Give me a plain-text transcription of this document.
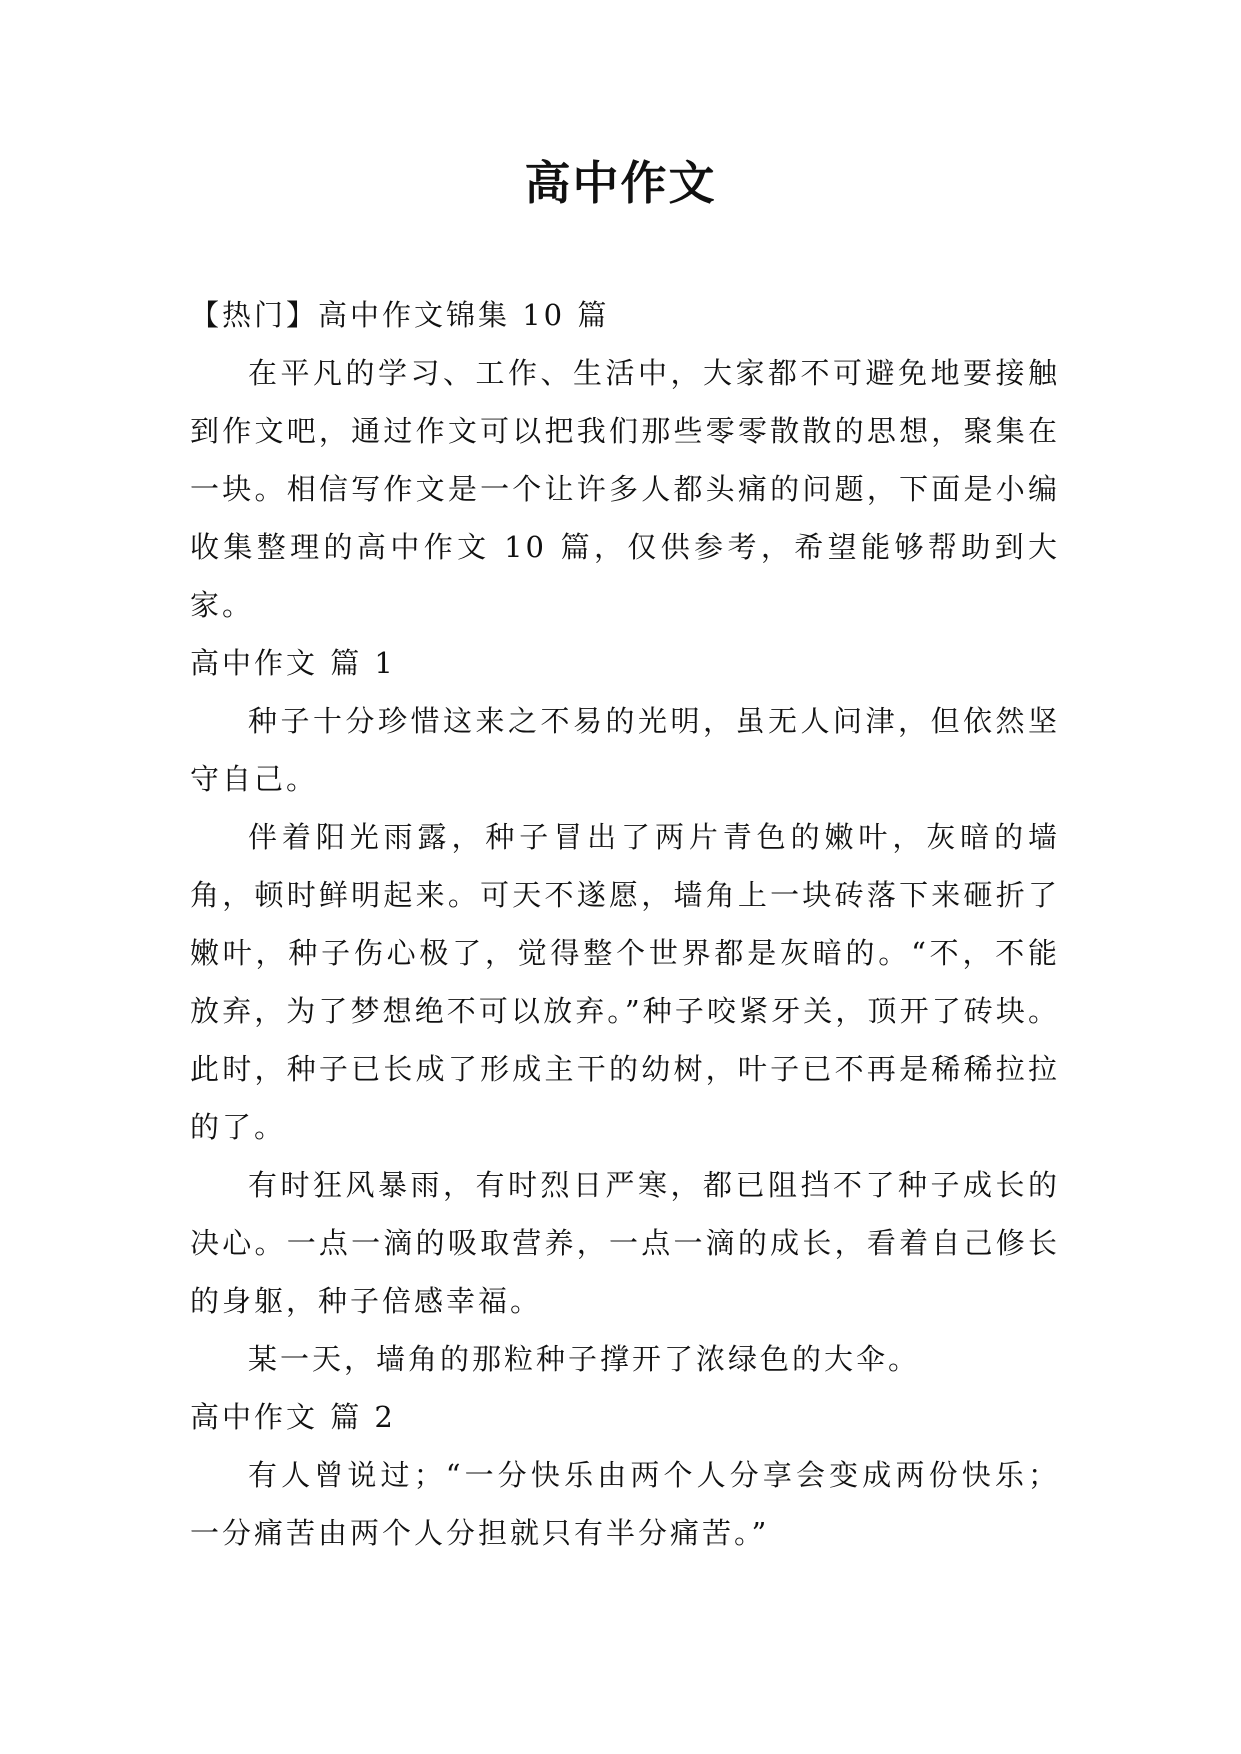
高中作文

【热门】高中作文锦集 10 篇

在平凡的学习、工作、生活中，大家都不可避免地要接触到作文吧，通过作文可以把我们那些零零散散的思想，聚集在一块。相信写作文是一个让许多人都头痛的问题，下面是小编收集整理的高中作文 10 篇，仅供参考，希望能够帮助到大家。

高中作文 篇 1

种子十分珍惜这来之不易的光明，虽无人问津，但依然坚守自己。

伴着阳光雨露，种子冒出了两片青色的嫩叶，灰暗的墙角，顿时鲜明起来。可天不遂愿，墙角上一块砖落下来砸折了嫩叶，种子伤心极了，觉得整个世界都是灰暗的。“不，不能放弃，为了梦想绝不可以放弃。”种子咬紧牙关，顶开了砖块。此时，种子已长成了形成主干的幼树，叶子已不再是稀稀拉拉的了。

有时狂风暴雨，有时烈日严寒，都已阻挡不了种子成长的决心。一点一滴的吸取营养，一点一滴的成长，看着自己修长的身躯，种子倍感幸福。

某一天，墙角的那粒种子撑开了浓绿色的大伞。

高中作文 篇 2

有人曾说过；“一分快乐由两个人分享会变成两份快乐；一分痛苦由两个人分担就只有半分痛苦。”
